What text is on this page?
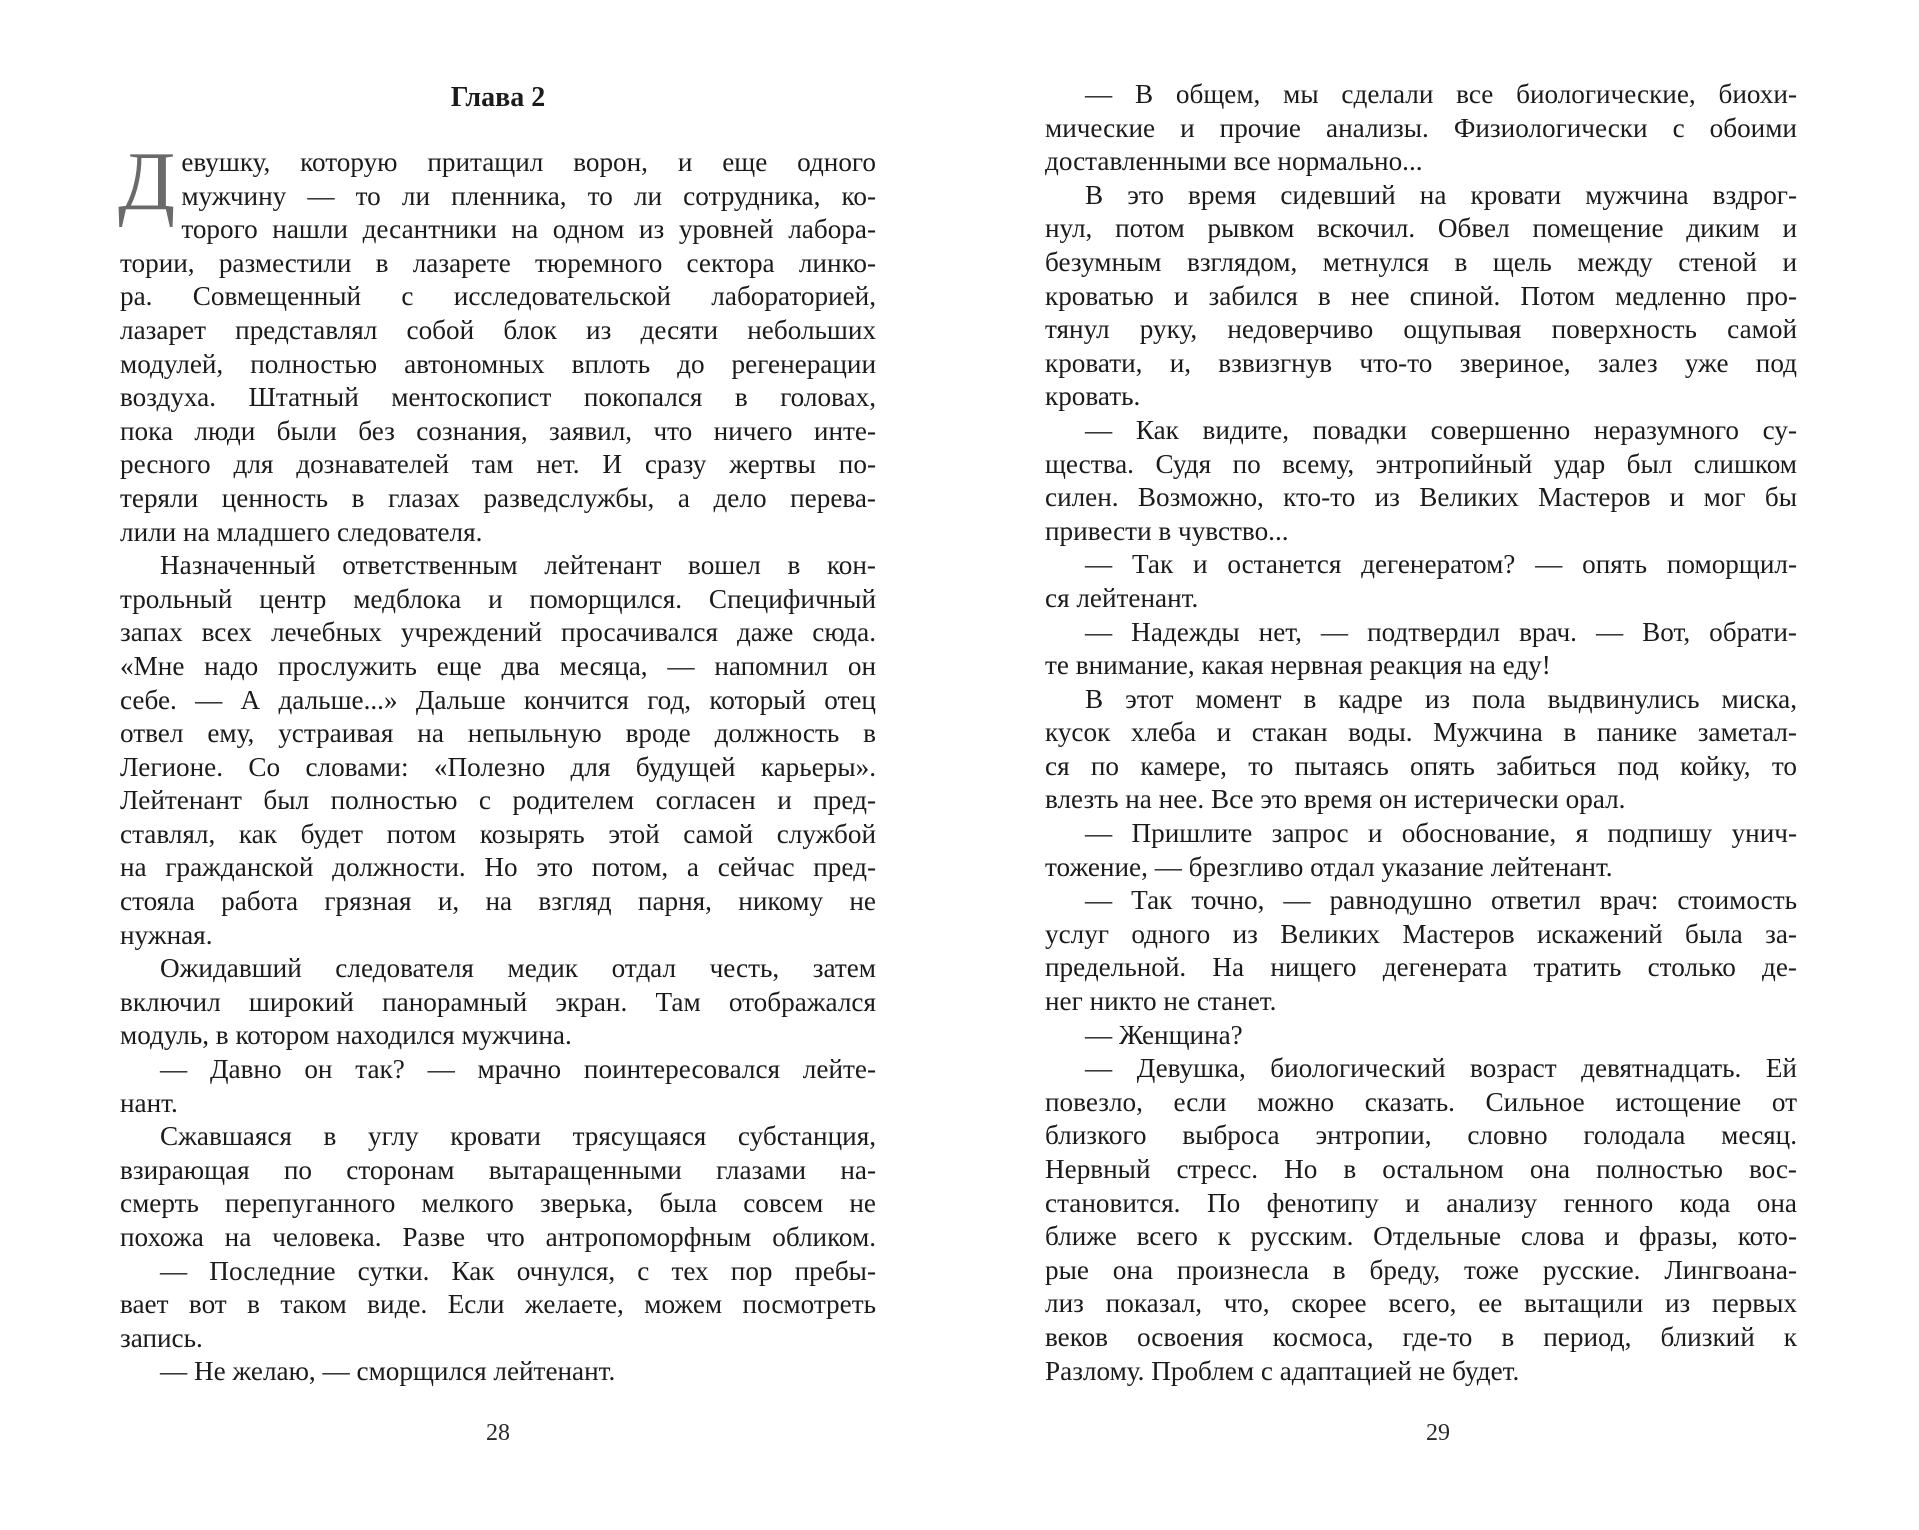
Глава 2
Д евушку, которую притащил ворон, и еще одного
мужчину — то ли пленника, то ли сотрудника, ко-
торого нашли десантники на одном из уровней лабора-
тории, разместили в лазарете тюремного сектора линко-
ра. Совмещенный с исследовательской лабораторией,
лазарет представлял собой блок из десяти небольших
модулей, полностью автономных вплоть до регенерации
воздуха. Штатный ментоскопист покопался в головах,
пока люди были без сознания, заявил, что ничего инте-
ресного для дознавателей там нет. И сразу жертвы по-
теряли ценность в глазах разведслужбы, а дело перева-
лили на младшего следователя.
Назначенный ответственным лейтенант вошел в кон-
трольный центр медблока и поморщился. Специфичный
запах всех лечебных учреждений просачивался даже сюда.
«Мне надо прослужить еще два месяца, — напомнил он
себе. — А дальше...» Дальше кончится год, который отец
отвел ему, устраивая на непыльную вроде должность в
Легионе. Со словами: «Полезно для будущей карьеры».
Лейтенант был полностью с родителем согласен и пред-
ставлял, как будет потом козырять этой самой службой
на гражданской должности. Но это потом, а сейчас пред-
стояла работа грязная и, на взгляд парня, никому не
нужная.
Ожидавший следователя медик отдал честь, затем
включил широкий панорамный экран. Там отображался
модуль, в котором находился мужчина.
— Давно он так? — мрачно поинтересовался лейте-
нант.
Сжавшаяся в углу кровати трясущаяся субстанция,
взирающая по сторонам вытаращенными глазами на-
смерть перепуганного мелкого зверька, была совсем не
похожа на человека. Разве что антропоморфным обликом.
— Последние сутки. Как очнулся, с тех пор пребы-
вает вот в таком виде. Если желаете, можем посмотреть
запись.
— Не желаю, — сморщился лейтенант.
28
— В общем, мы сделали все биологические, биохи-
мические и прочие анализы. Физиологически с обоими
доставленными все нормально...
В это время сидевший на кровати мужчина вздрог-
нул, потом рывком вскочил. Обвел помещение диким и
безумным взглядом, метнулся в щель между стеной и
кроватью и забился в нее спиной. Потом медленно про-
тянул руку, недоверчиво ощупывая поверхность самой
кровати, и, взвизгнув что-то звериное, залез уже под
кровать.
— Как видите, повадки совершенно неразумного су-
щества. Судя по всему, энтропийный удар был слишком
силен. Возможно, кто-то из Великих Мастеров и мог бы
привести в чувство...
— Так и останется дегенератом? — опять поморщил-
ся лейтенант.
— Надежды нет, — подтвердил врач. — Вот, обрати-
те внимание, какая нервная реакция на еду!
В этот момент в кадре из пола выдвинулись миска,
кусок хлеба и стакан воды. Мужчина в панике заметал-
ся по камере, то пытаясь опять забиться под койку, то
влезть на нее. Все это время он истерически орал.
— Пришлите запрос и обоснование, я подпишу унич-
тожение, — брезгливо отдал указание лейтенант.
— Так точно, — равнодушно ответил врач: стоимость
услуг одного из Великих Мастеров искажений была за-
предельной. На нищего дегенерата тратить столько де-
нег никто не станет.
— Женщина?
— Девушка, биологический возраст девятнадцать. Ей
повезло, если можно сказать. Сильное истощение от
близкого выброса энтропии, словно голодала месяц.
Нервный стресс. Но в остальном она полностью вос-
становится. По фенотипу и анализу генного кода она
ближе всего к русским. Отдельные слова и фразы, кото-
рые она произнесла в бреду, тоже русские. Лингвоана-
лиз показал, что, скорее всего, ее вытащили из первых
веков освоения космоса, где-то в период, близкий к
Разлому. Проблем с адаптацией не будет.
29
